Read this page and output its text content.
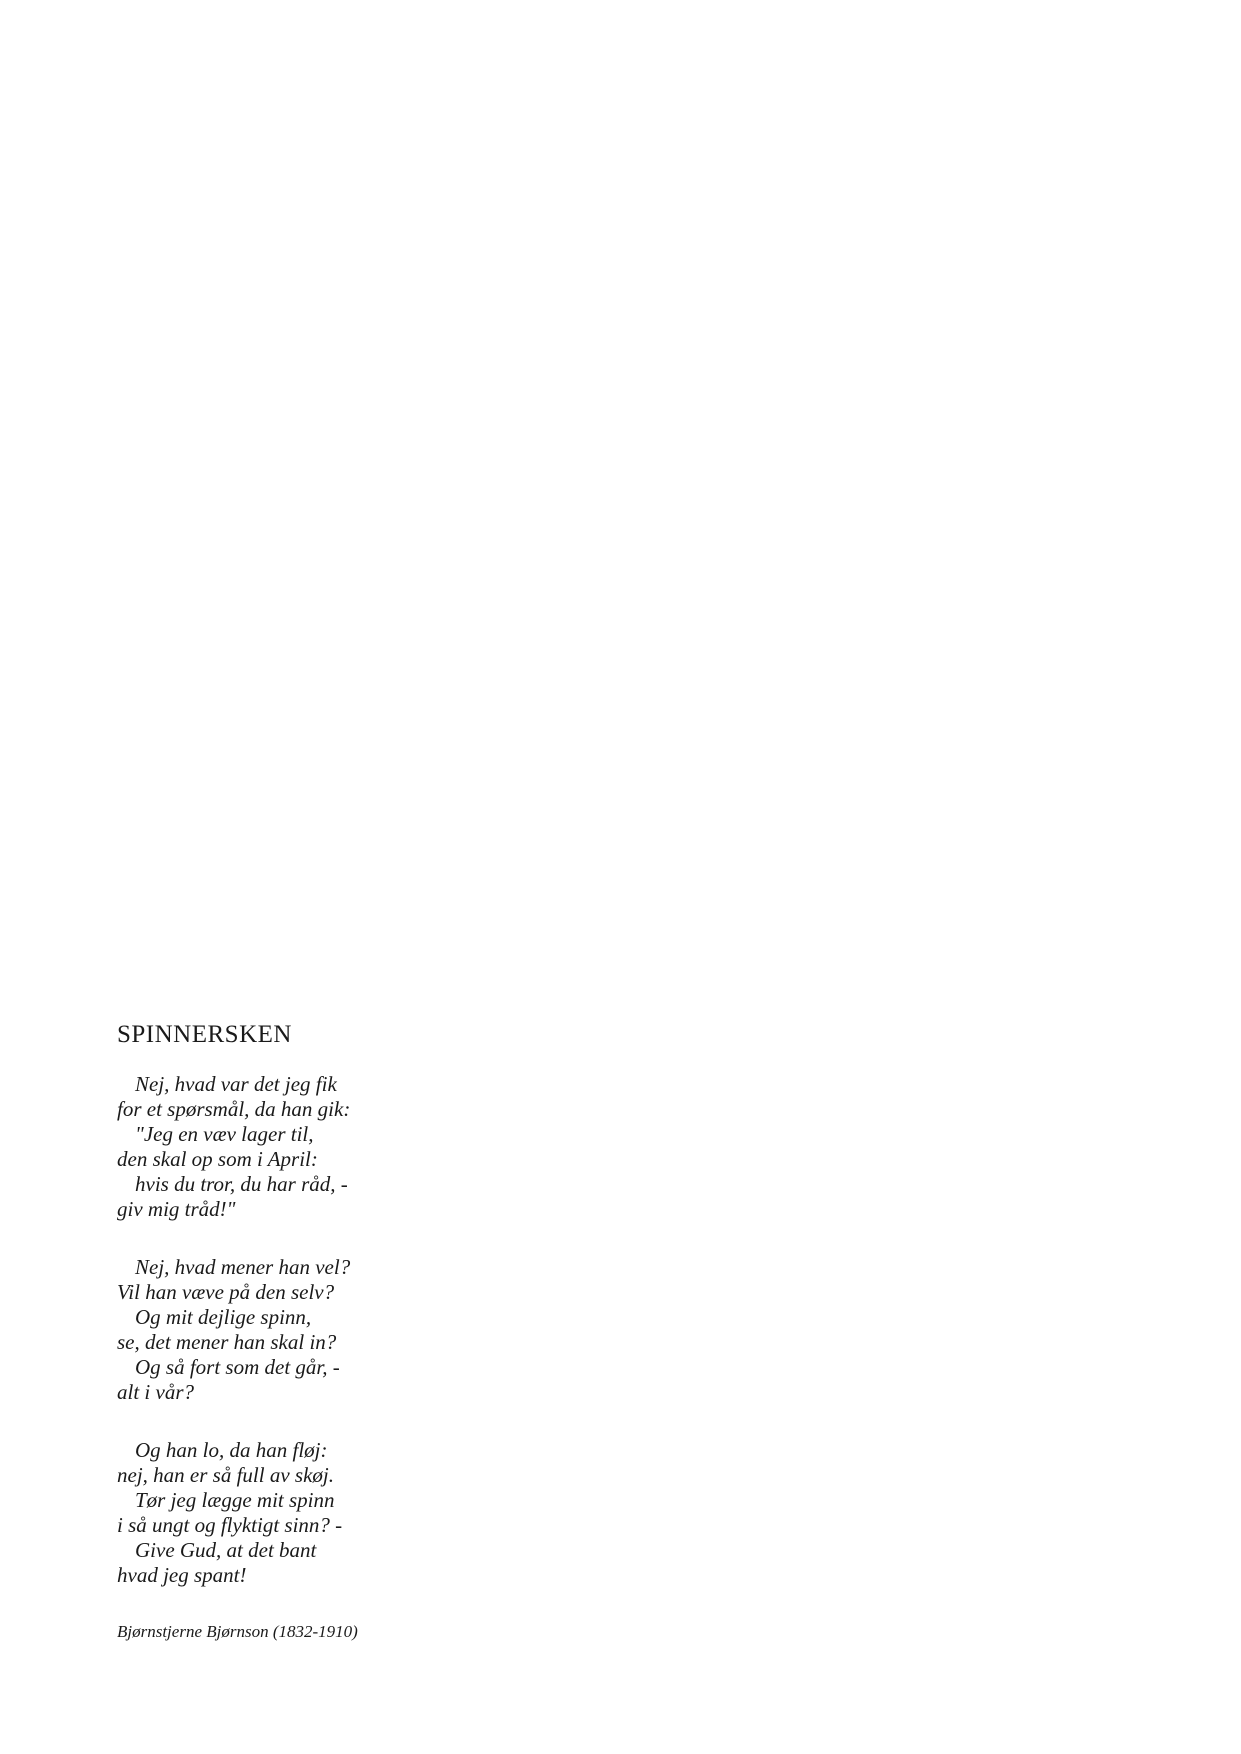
SPINNERSKEN
Nej, hvad var det jeg fik
for et spørsmål, da han gik:
"Jeg en væv lager til,
den skal op som i April:
hvis du tror, du har råd, -
giv mig tråd!"
Nej, hvad mener han vel?
Vil han væve på den selv?
Og mit dejlige spinn,
se, det mener han skal in?
Og så fort som det går, -
alt i vår?
Og han lo, da han fløj:
nej, han er så full av skøj.
Tør jeg lægge mit spinn
i så ungt og flyktigt sinn? -
Give Gud, at det bant
hvad jeg spant!
Bjørnstjerne Bjørnson (1832-1910)
